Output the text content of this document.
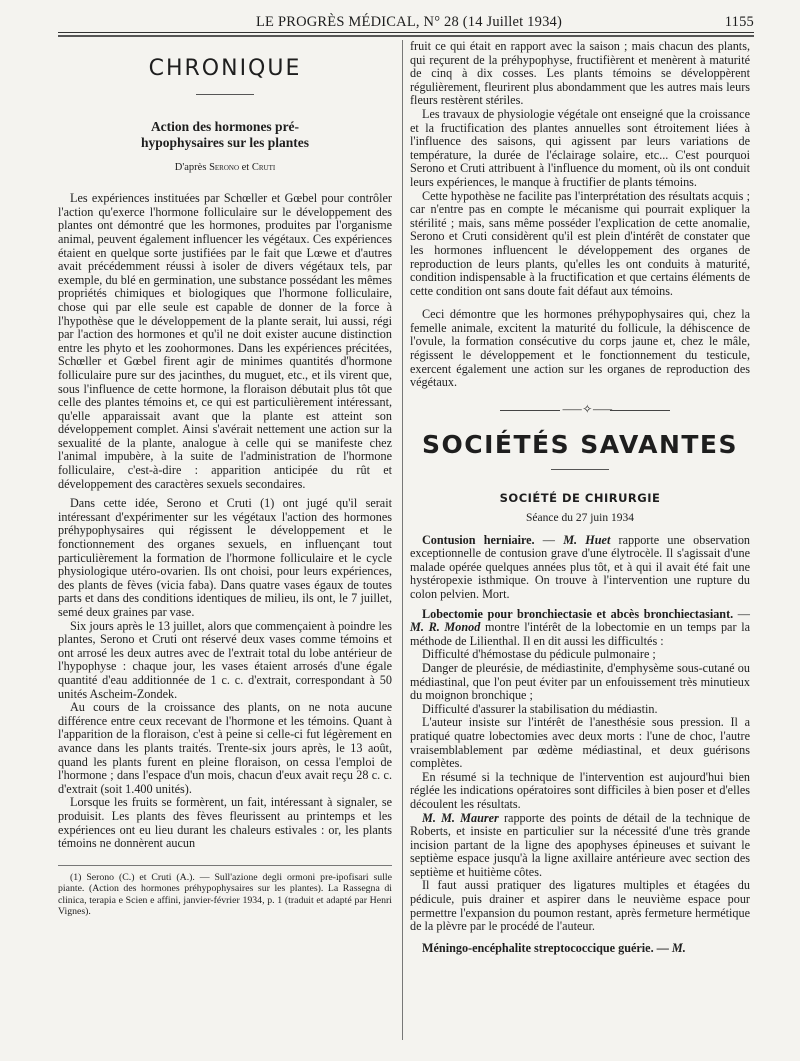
LE PROGRÈS MÉDICAL, N° 28 (14 Juillet 1934)	1155
CHRONIQUE
Action des hormones pré-hypophysaires sur les plantes
D'après Serono et Cruti

Les expériences instituées par Schœller et Gœbel pour contrôler l'action qu'exerce l'hormone folliculaire sur le développement des plantes ont démontré que les hormones, produites par l'organisme animal, peuvent également influencer les végétaux. Ces expériences étaient en quelque sorte justifiées par le fait que Lœwe et d'autres avait précédemment réussi à isoler de divers végétaux tels, par exemple, du blé en germination, une substance possédant les mêmes propriétés chimiques et biologiques que l'hormone folliculaire, chose qui par elle seule est capable de donner de la force à l'hypothèse que le développement de la plante serait, lui aussi, régi par l'action des hormones et qu'il ne doit exister aucune distinction entre les phyto et les zoohormones. Dans les expériences précitées, Schœller et Gœbel firent agir de minimes quantités d'hormone folliculaire pure sur des jacinthes, du muguet, etc., et ils virent que, sous l'influence de cette hormone, la floraison débutait plus tôt que celle des plantes témoins et, ce qui est particulièrement intéressant, qu'elle apparaissait avant que la plante est atteint son développement complet. Ainsi s'avérait nettement une action sur la sexualité de la plante, analogue à celle qui se manifeste chez l'animal impubère, à la suite de l'administration de l'hormone folliculaire, c'est-à-dire : apparition anticipée du rût et développement des caractères sexuels secondaires.

Dans cette idée, Serono et Cruti (1) ont jugé qu'il serait intéressant d'expérimenter sur les végétaux l'action des hormones préhypophysaires qui régissent le développement et le fonctionnement des organes sexuels, en influençant tout particulièrement la formation de l'hormone folliculaire et le cycle physiologique utéro-ovarien. Ils ont choisi, pour leurs expériences, des plants de fèves (vicia faba). Dans quatre vases égaux de toutes parts et dans des conditions identiques de milieu, ils ont, le 7 juillet, semé deux graines par vase.

Six jours après le 13 juillet, alors que commençaient à poindre les plantes, Serono et Cruti ont réservé deux vases comme témoins et ont arrosé les deux autres avec de l'extrait total du lobe antérieur de l'hypophyse : chaque jour, les vases étaient arrosés d'une égale quantité d'eau additionnée de 1 c. c. d'extrait, correspondant à 50 unités Ascheim-Zondek.

Au cours de la croissance des plants, on ne nota aucune différence entre ceux recevant de l'hormone et les témoins. Quant à l'apparition de la floraison, c'est à peine si celle-ci fut légèrement en avance dans les plants traités. Trente-six jours après, le 13 août, quand les plants furent en pleine floraison, on cessa l'emploi de l'hormone ; dans l'espace d'un mois, chacun d'eux avait reçu 28 c. c. d'extrait (soit 1.400 unités).

Lorsque les fruits se formèrent, un fait, intéressant à signaler, se produisit. Les plants des fèves fleurissent au printemps et les expériences ont eu lieu durant les chaleurs estivales : or, les plants témoins ne donnèrent aucun

(1) Serono (C.) et Cruti (A.). — Sull'azione degli ormoni pre-ipofisari sulle piante. (Action des hormones préhypophysaires sur les plantes). La Rassegna di clinica, terapia e Scien e affini, janvier-février 1934, p. 1 (traduit et adapté par Henri Vignes).

fruit ce qui était en rapport avec la saison ; mais chacun des plants, qui reçurent de la préhypophyse, fructifièrent et menèrent à maturité de cinq à dix cosses. Les plants témoins se développèrent régulièrement, fleurirent plus abondamment que les autres mais leurs fleurs restèrent stériles.

Les travaux de physiologie végétale ont enseigné que la croissance et la fructification des plantes annuelles sont étroitement liées à l'influence des saisons, qui agissent par leurs variations de température, la durée de l'éclairage solaire, etc... C'est pourquoi Serono et Cruti attribuent à l'influence du moment, où ils ont conduit leurs expériences, le manque à fructifier de plants témoins.

Cette hypothèse ne facilite pas l'interprétation des résultats acquis ; car n'entre pas en compte le mécanisme qui pourrait expliquer la stérilité ; mais, sans même posséder l'explication de cette anomalie, Serono et Cruti considèrent qu'il est plein d'intérêt de constater que les hormones influencent le développement des organes de reproduction de leurs plants, qu'elles les ont conduits à maturité, condition indispensable à la fructification et que certains éléments de cette condition ont sans doute fait défaut aux témoins.

Ceci démontre que les hormones préhypophysaires qui, chez la femelle animale, excitent la maturité du follicule, la déhiscence de l'ovule, la formation consécutive du corps jaune et, chez le mâle, régissent le développement et le fonctionnement du testicule, exercent également une action sur les organes de reproduction des végétaux.

⸺✧⸺
SOCIÉTÉS SAVANTES
SOCIÉTÉ DE CHIRURGIE
Séance du 27 juin 1934

Contusion herniaire. — M. Huet rapporte une observation exceptionnelle de contusion grave d'une élytrocèle. Il s'agissait d'une malade opérée quelques années plus tôt, et à qui il avait été fait une hystéropexie isthmique. On trouve à l'intervention une rupture du colon pelvien. Mort.

Lobectomie pour bronchiectasie et abcès bronchiectasiant. — M. R. Monod montre l'intérêt de la lobectomie en un temps par la méthode de Lilienthal. Il en dit aussi les difficultés :

Difficulté d'hémostase du pédicule pulmonaire ;

Danger de pleurésie, de médiastinite, d'emphysème sous-cutané ou médiastinal, que l'on peut éviter par un enfouissement très minutieux du moignon bronchique ;

Difficulté d'assurer la stabilisation du médiastin.

L'auteur insiste sur l'intérêt de l'anesthésie sous pression. Il a pratiqué quatre lobectomies avec deux morts : l'une de choc, l'autre vraisemblablement par œdème médiastinal, et deux guérisons complètes.

En résumé si la technique de l'intervention est aujourd'hui bien réglée les indications opératoires sont difficiles à bien poser et d'elles découlent les résultats.

M. M. Maurer rapporte des points de détail de la technique de Roberts, et insiste en particulier sur la nécessité d'une très grande incision partant de la ligne des apophyses épineuses et suivant le septième espace jusqu'à la ligne axillaire antérieure avec section des septième et huitième côtes.

Il faut aussi pratiquer des ligatures multiples et étagées du pédicule, puis drainer et aspirer dans le neuvième espace pour permettre l'expansion du poumon restant, après fermeture hermétique de la plèvre par le procédé de l'auteur.

Méningo-encéphalite streptococcique guérie. — M.
